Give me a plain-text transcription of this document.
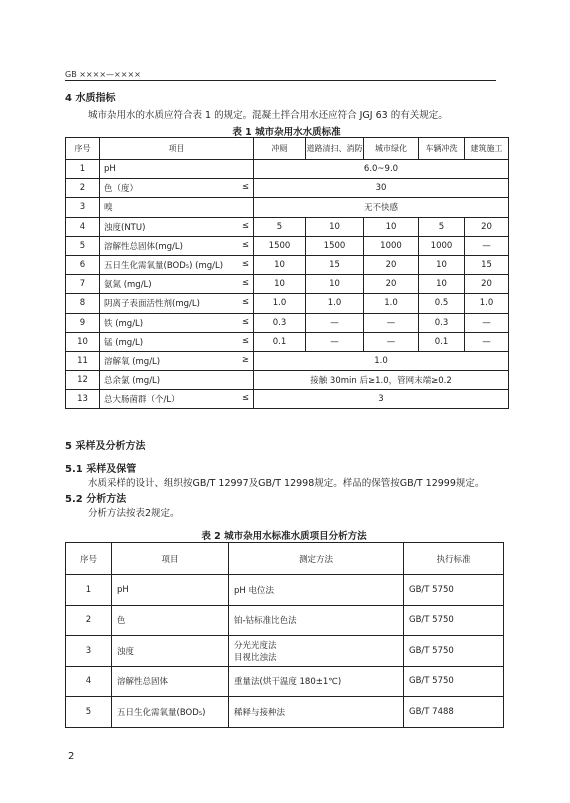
GB ××××—××××
4 水质指标
城市杂用水的水质应符合表 1 的规定。混凝土拌合用水还应符合 JGJ 63 的有关规定。
表 1 城市杂用水水质标准
序号	项目	冲厕	道路清扫、消防	城市绿化	车辆冲洗	建筑施工
1	pH	6.0~9.0				
2	色（度） ≤	30				
3	嗅	无不快感				
4	浊度(NTU) ≤	5	10	10	5	20
5	溶解性总固体(mg/L) ≤	1500	1500	1000	1000	—
6	五日生化需氧量(BOD₅) (mg/L) ≤	10	15	20	10	15
7	氨氮 (mg/L) ≤	10	10	20	10	20
8	阴离子表面活性剂(mg/L) ≤	1.0	1.0	1.0	0.5	1.0
9	铁 (mg/L) ≤	0.3	—	—	0.3	—
10	锰 (mg/L) ≤	0.1	—	—	0.1	—
11	溶解氧 (mg/L) ≥	1.0				
12	总余氯 (mg/L)	接触 30min 后≥1.0，管网末端≥0.2				
13	总大肠菌群（个/L） ≤	3				
5 采样及分析方法
5.1 采样及保管
水质采样的设计、组织按GB/T 12997及GB/T 12998规定。样品的保管按GB/T 12999规定。
5.2 分析方法
分析方法按表2规定。
表 2 城市杂用水标准水质项目分析方法
序号	项目	测定方法	执行标准
1	pH	pH 电位法	GB/T 5750
2	色	铂-钴标准比色法	GB/T 5750
3	浊度	分光光度法
目视比浊法	GB/T 5750
4	溶解性总固体	重量法(烘干温度 180±1℃)	GB/T 5750
5	五日生化需氧量(BOD₅)	稀释与接种法	GB/T 7488
2
